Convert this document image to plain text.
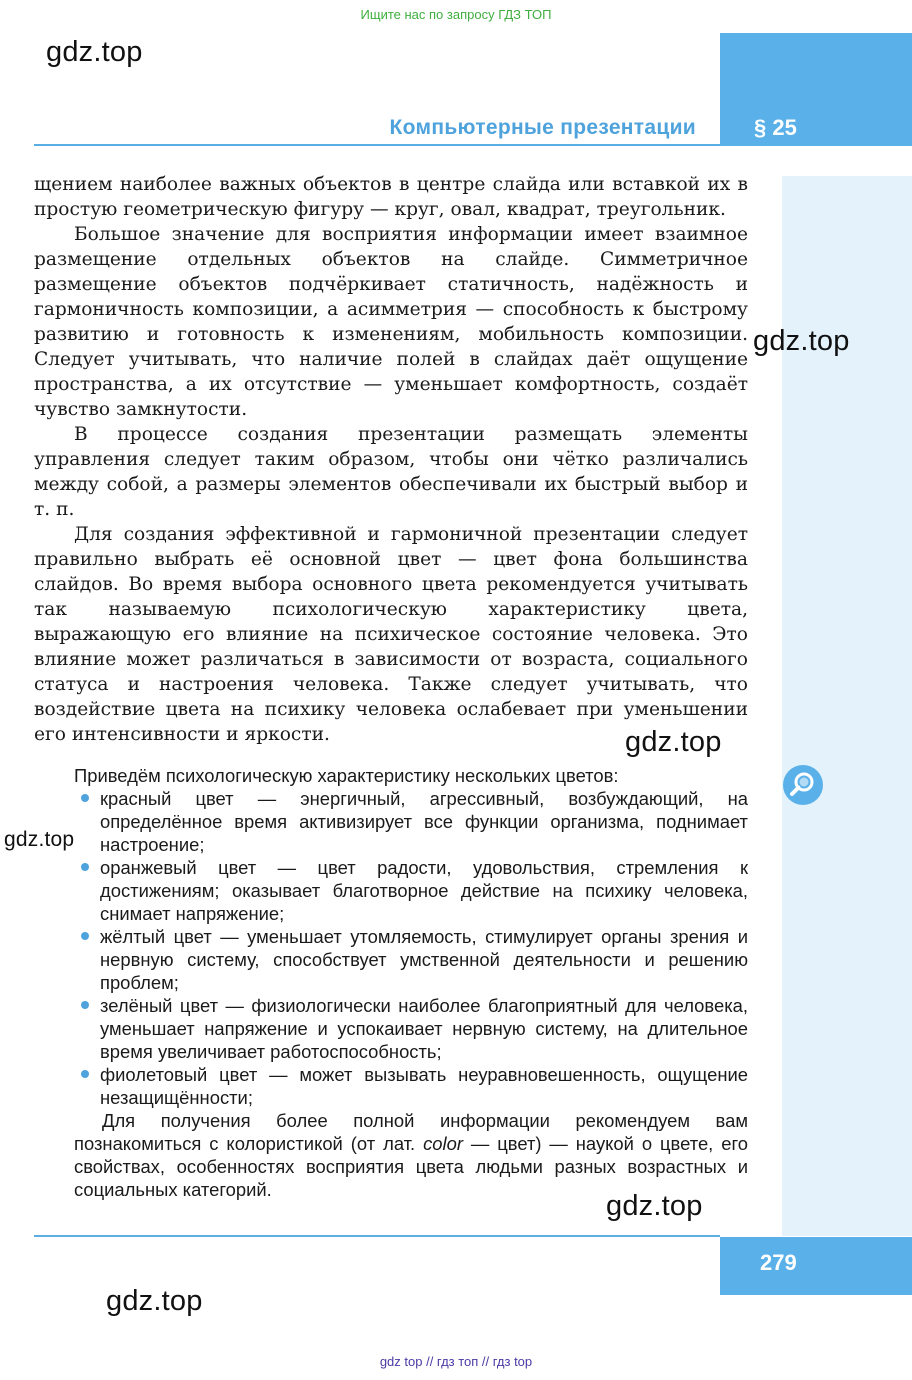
Ищите нас по запросу ГДЗ ТОП
§ 25
Компьютерные презентации

щением наиболее важных объектов в центре слайда или вставкой их в простую геометрическую фигуру — круг, овал, квадрат, треугольник.

Большое значение для восприятия информации имеет взаимное размещение отдельных объектов на слайде. Симметричное размещение объектов подчёркивает статичность, надёжность и гармоничность композиции, а асимметрия — способность к быстрому развитию и готовность к изменениям, мобильность композиции. Следует учитывать, что наличие полей в слайдах даёт ощущение пространства, а их отсутствие — уменьшает комфортность, создаёт чувство замкнутости.

В процессе создания презентации размещать элементы управления следует таким образом, чтобы они чётко различались между собой, а размеры элементов обеспечивали их быстрый выбор и т. п.

Для создания эффективной и гармоничной презентации следует правильно выбрать её основной цвет — цвет фона большинства слайдов. Во время выбора основного цвета рекомендуется учитывать так называемую психологическую характеристику цвета, выражающую его влияние на психическое состояние человека. Это влияние может различаться в зависимости от возраста, социального статуса и настроения человека. Также следует учитывать, что воздействие цвета на психику человека ослабевает при уменьшении его интенсивности и яркости.

Приведём психологическую характеристику нескольких цветов:

красный цвет — энергичный, агрессивный, возбуждающий, на определённое время активизирует все функции организма, поднимает настроение;
оранжевый цвет — цвет радости, удовольствия, стремления к достижениям; оказывает благотворное действие на психику человека, снимает напряжение;
жёлтый цвет — уменьшает утомляемость, стимулирует органы зрения и нервную систему, способствует умственной деятельности и решению проблем;
зелёный цвет — физиологически наиболее благоприятный для человека, уменьшает напряжение и успокаивает нервную систему, на длительное время увеличивает работоспособность;
фиолетовый цвет — может вызывать неуравновешенность, ощущение незащищённости;

Для получения более полной информации рекомендуем вам познакомиться с колористикой (от лат. color — цвет) — наукой о цвете, его свойствах, особенностях восприятия цвета людьми разных возрастных и социальных категорий.

279
gdz.top
gdz.top
gdz.top
gdz.top
gdz.top
gdz.top
gdz top // гдз топ // гдз top
